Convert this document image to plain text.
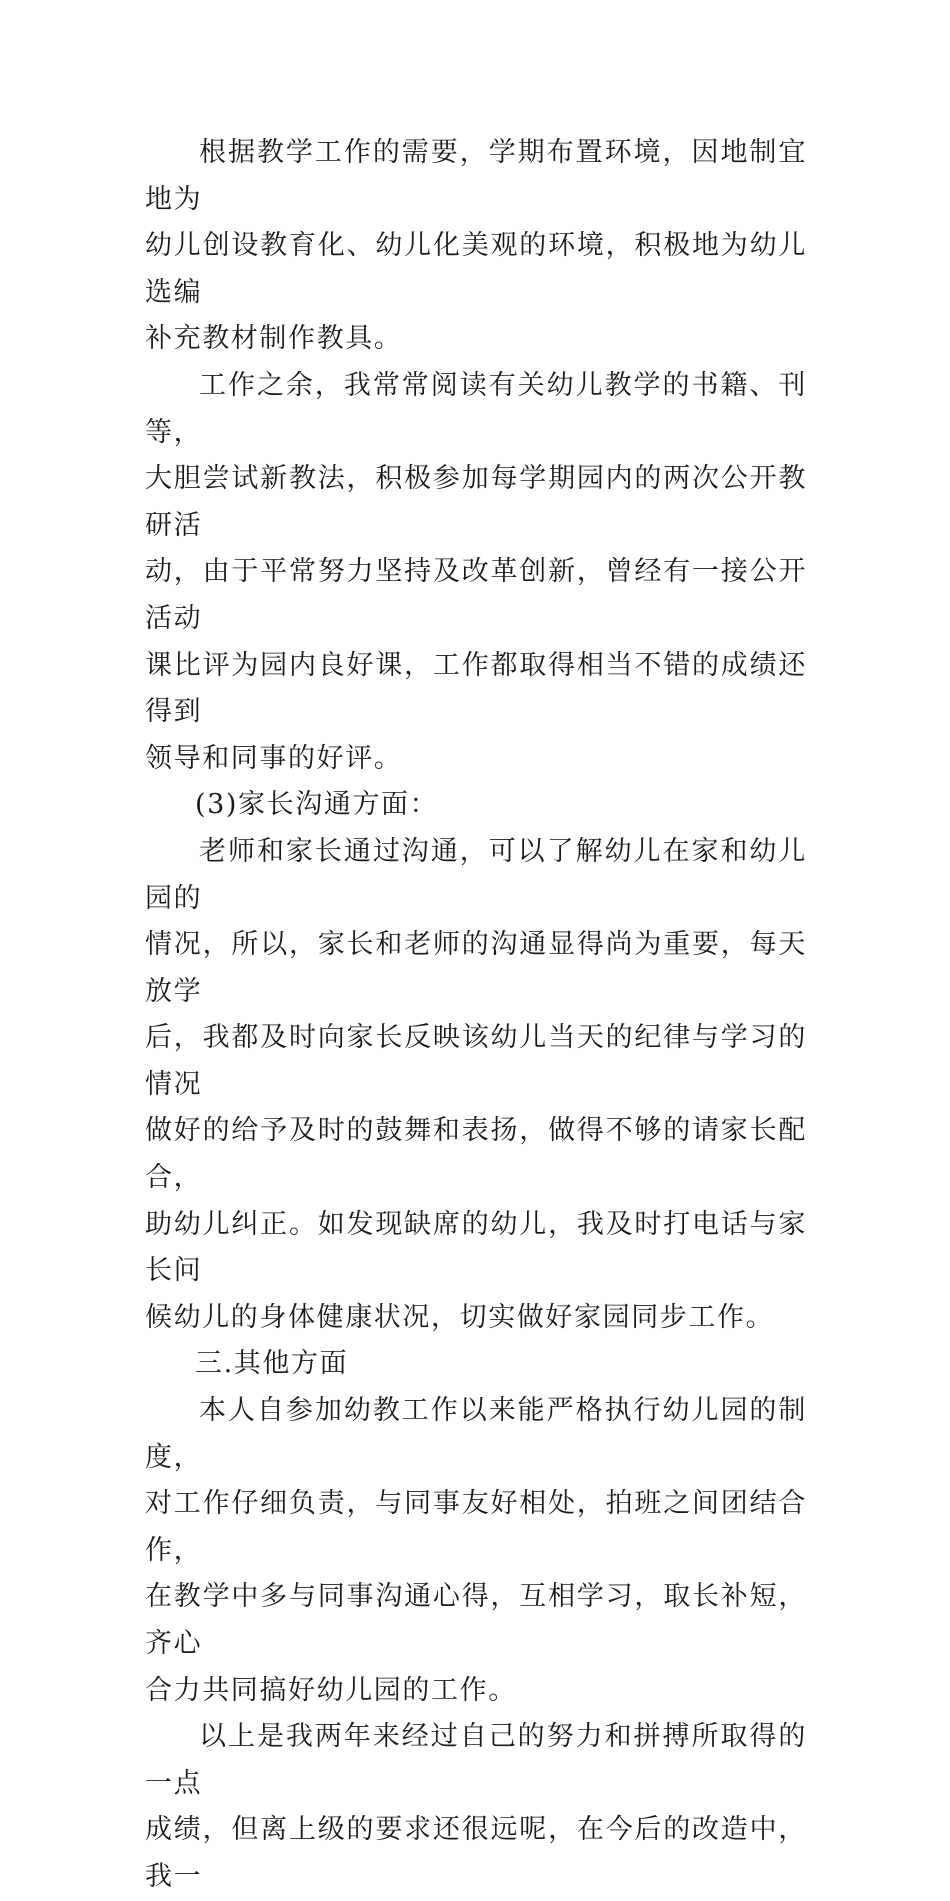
根据教学工作的需要，学期布置环境，因地制宜地为
幼儿创设教育化、幼儿化美观的环境，积极地为幼儿选编
补充教材制作教具。

工作之余，我常常阅读有关幼儿教学的书籍、刊等，
大胆尝试新教法，积极参加每学期园内的两次公开教研活
动，由于平常努力坚持及改革创新，曾经有一接公开活动
课比评为园内良好课，工作都取得相当不错的成绩还得到
领导和同事的好评。

(3)家长沟通方面：

老师和家长通过沟通，可以了解幼儿在家和幼儿园的
情况，所以，家长和老师的沟通显得尚为重要，每天放学
后，我都及时向家长反映该幼儿当天的纪律与学习的情况
做好的给予及时的鼓舞和表扬，做得不够的请家长配合，
助幼儿纠正。如发现缺席的幼儿，我及时打电话与家长问
候幼儿的身体健康状况，切实做好家园同步工作。

三.其他方面

本人自参加幼教工作以来能严格执行幼儿园的制度，
对工作仔细负责，与同事友好相处，拍班之间团结合作，
在教学中多与同事沟通心得，互相学习，取长补短，齐心
合力共同搞好幼儿园的工作。

以上是我两年来经过自己的努力和拼搏所取得的一点
成绩，但离上级的要求还很远呢，在今后的改造中，我一
